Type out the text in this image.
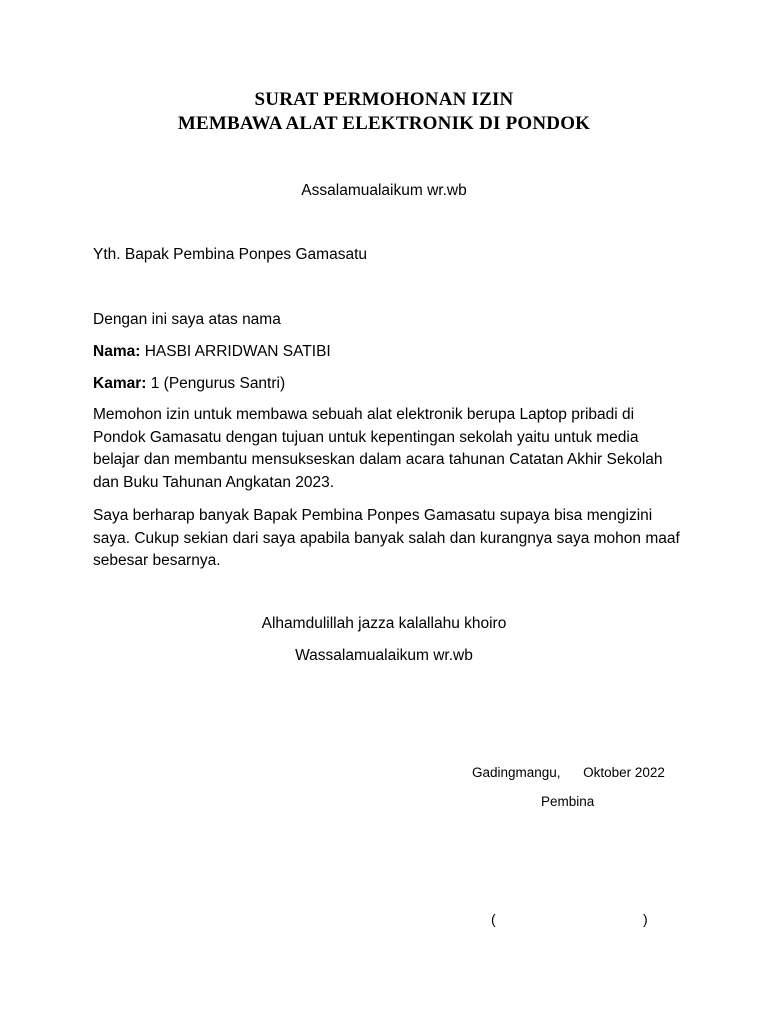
SURAT PERMOHONAN IZIN
MEMBAWA ALAT ELEKTRONIK DI PONDOK
Assalamualaikum wr.wb
Yth. Bapak Pembina Ponpes Gamasatu
Dengan ini saya atas nama
Nama: HASBI ARRIDWAN SATIBI
Kamar: 1 (Pengurus Santri)
Memohon izin untuk membawa sebuah alat elektronik berupa Laptop pribadi di Pondok Gamasatu dengan tujuan untuk kepentingan sekolah yaitu untuk media belajar dan membantu mensukseskan dalam acara tahunan Catatan Akhir Sekolah dan Buku Tahunan Angkatan 2023.
Saya berharap banyak Bapak Pembina Ponpes Gamasatu supaya bisa mengizini saya. Cukup sekian dari saya apabila banyak salah dan kurangnya saya mohon maaf sebesar besarnya.
Alhamdulillah jazza kalallahu khoiro
Wassalamualaikum wr.wb
Gadingmangu,      Oktober 2022
Pembina
(	)
